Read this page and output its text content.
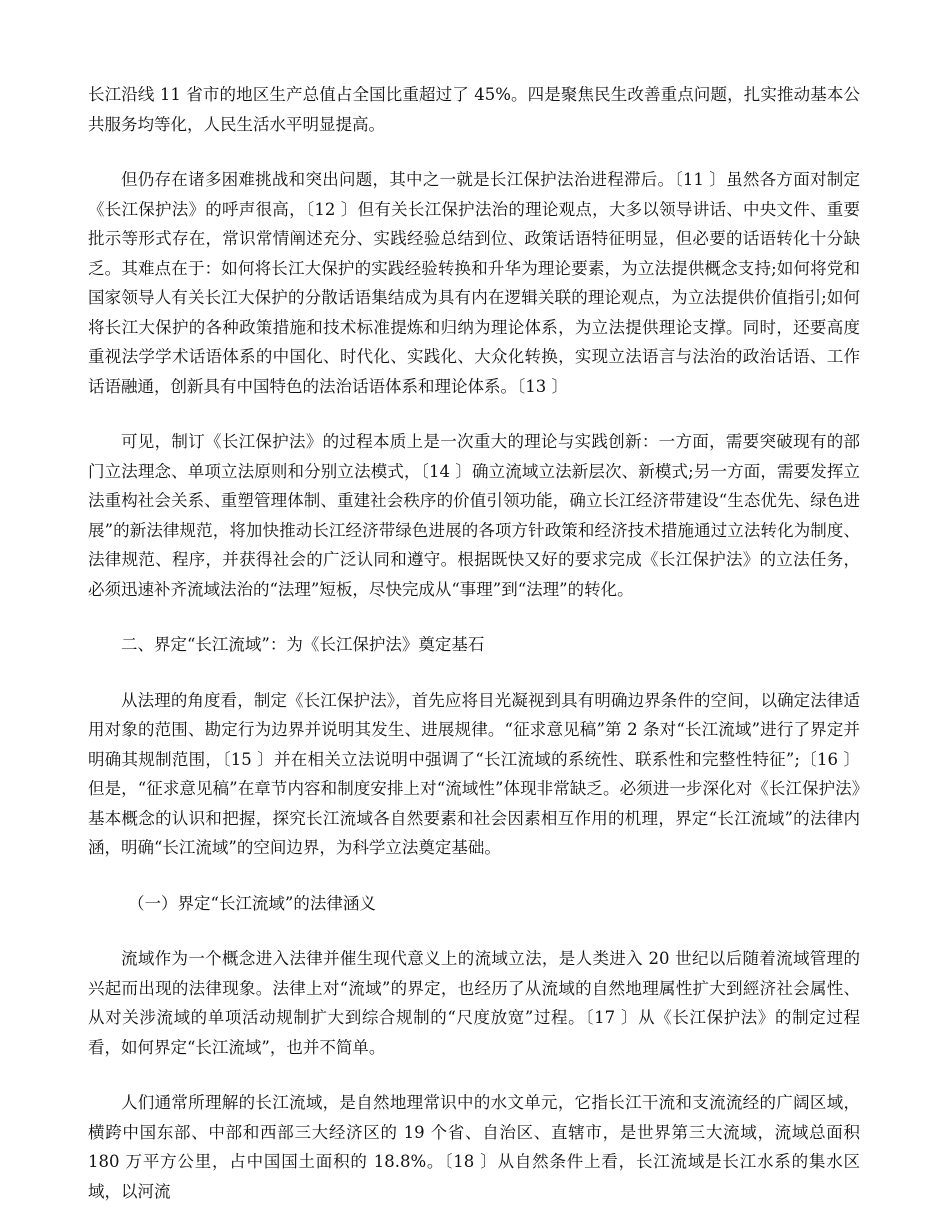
长江沿线 11 省市的地区生产总值占全国比重超过了 45%。四是聚焦民生改善重点问题，扎实推动基本公共服务均等化，人民生活水平明显提高。

但仍存在诸多困难挑战和突出问题，其中之一就是长江保护法治进程滞后。〔11 〕虽然各方面对制定《长江保护法》的呼声很高，〔12 〕但有关长江保护法治的理论观点，大多以领导讲话、中央文件、重要批示等形式存在，常识常情阐述充分、实践经验总结到位、政策话语特征明显，但必要的话语转化十分缺乏。其难点在于：如何将长江大保护的实践经验转换和升华为理论要素，为立法提供概念支持;如何将党和国家领导人有关长江大保护的分散话语集结成为具有内在逻辑关联的理论观点，为立法提供价值指引;如何将长江大保护的各种政策措施和技术标准提炼和归纳为理论体系，为立法提供理论支撑。同时，还要高度重视法学学术话语体系的中国化、时代化、实践化、大众化转换，实现立法语言与法治的政治话语、工作话语融通，创新具有中国特色的法治话语体系和理论体系。〔13 〕

可见，制订《长江保护法》的过程本质上是一次重大的理论与实践创新：一方面，需要突破现有的部门立法理念、单项立法原则和分别立法模式，〔14 〕确立流域立法新层次、新模式;另一方面，需要发挥立法重构社会关系、重塑管理体制、重建社会秩序的价值引领功能，确立长江经济带建设“生态优先、绿色进展”的新法律规范，将加快推动长江经济带绿色进展的各项方针政策和经济技术措施通过立法转化为制度、法律规范、程序，并获得社会的广泛认同和遵守。根据既快又好的要求完成《长江保护法》的立法任务，必须迅速补齐流域法治的“法理”短板，尽快完成从“事理”到“法理”的转化。

二、界定“长江流域”：为《长江保护法》奠定基石

从法理的角度看，制定《长江保护法》，首先应将目光凝视到具有明确边界条件的空间，以确定法律适用对象的范围、勘定行为边界并说明其发生、进展规律。“征求意见稿”第 2 条对“长江流域”进行了界定并明确其规制范围，〔15 〕并在相关立法说明中强调了“长江流域的系统性、联系性和完整性特征”;〔16 〕但是，“征求意见稿”在章节内容和制度安排上对“流域性”体现非常缺乏。必须进一步深化对《长江保护法》基本概念的认识和把握，探究长江流域各自然要素和社会因素相互作用的机理，界定“长江流域”的法律内涵，明确“长江流域”的空间边界，为科学立法奠定基础。

（一）界定“长江流域”的法律涵义

流域作为一个概念进入法律并催生现代意义上的流域立法，是人类进入 20 世纪以后随着流域管理的兴起而出现的法律现象。法律上对“流域”的界定，也经历了从流域的自然地理属性扩大到經济社会属性、从对关涉流域的单项活动规制扩大到综合规制的“尺度放宽”过程。〔17 〕从《长江保护法》的制定过程看，如何界定“长江流域”，也并不简单。

人们通常所理解的长江流域，是自然地理常识中的水文单元，它指长江干流和支流流经的广阔区域，横跨中国东部、中部和西部三大经济区的 19 个省、自治区、直辖市，是世界第三大流域，流域总面积 180 万平方公里，占中国国土面积的 18.8%。〔18 〕从自然条件上看，长江流域是长江水系的集水区域，以河流
